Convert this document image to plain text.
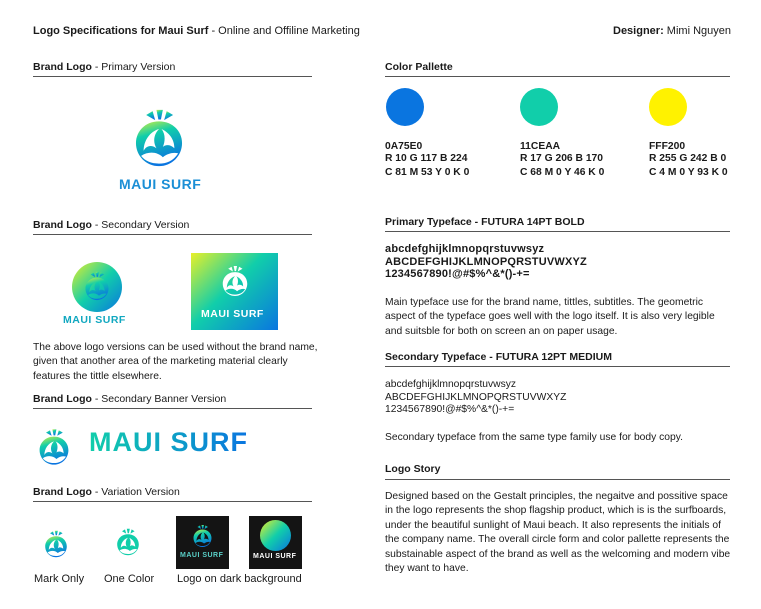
Logo Specifications for Maui Surf - Online and Offiline Marketing	Designer: Mimi Nguyen
Brand Logo - Primary Version
MAUI SURF
Brand Logo - Secondary Version
MAUI SURF	MAUI SURF
The above logo versions can be used without the brand name, given that another area of the marketing material clearly features the tittle elsewhere.
Brand Logo - Secondary Banner Version
MAUI SURF
Brand Logo - Variation Version
MAUI SURF	MAUI SURF
Mark Only One Color Logo on dark background
Color Pallette
0A75E0
R 10 G 117 B 224
C 81 M 53 Y 0 K 0
11CEAA
R 17 G 206 B 170
C 68 M 0 Y 46 K 0
FFF200
R 255 G 242 B 0
C 4 M 0 Y 93 K 0
Primary Typeface - FUTURA 14PT BOLD
abcdefghijklmnopqrstuvwsyz
ABCDEFGHIJKLMNOPQRSTUVWXYZ
1234567890!@#$%^&*()-+=
Main typeface use for the brand name, tittles, subtitles. The geometric aspect of the typeface goes well with the logo itself. It is also very legible and suitsble for both on screen an on paper usage.
Secondary Typeface - FUTURA 12PT MEDIUM
abcdefghijklmnopqrstuvwsyz
ABCDEFGHIJKLMNOPQRSTUVWXYZ
1234567890!@#$%^&*()-+=
Secondary typeface from the same type family use for body copy.
Logo Story
Designed based on the Gestalt principles, the negaitve and possitive space in the logo represents the shop flagship product, which is is the surfboards, under the beautiful sunlight of Maui beach. It also represents the initials of the company name. The overall circle form and color pallette represents the substainable aspect of the brand as well as the welcoming and modern vibe they want to have.
